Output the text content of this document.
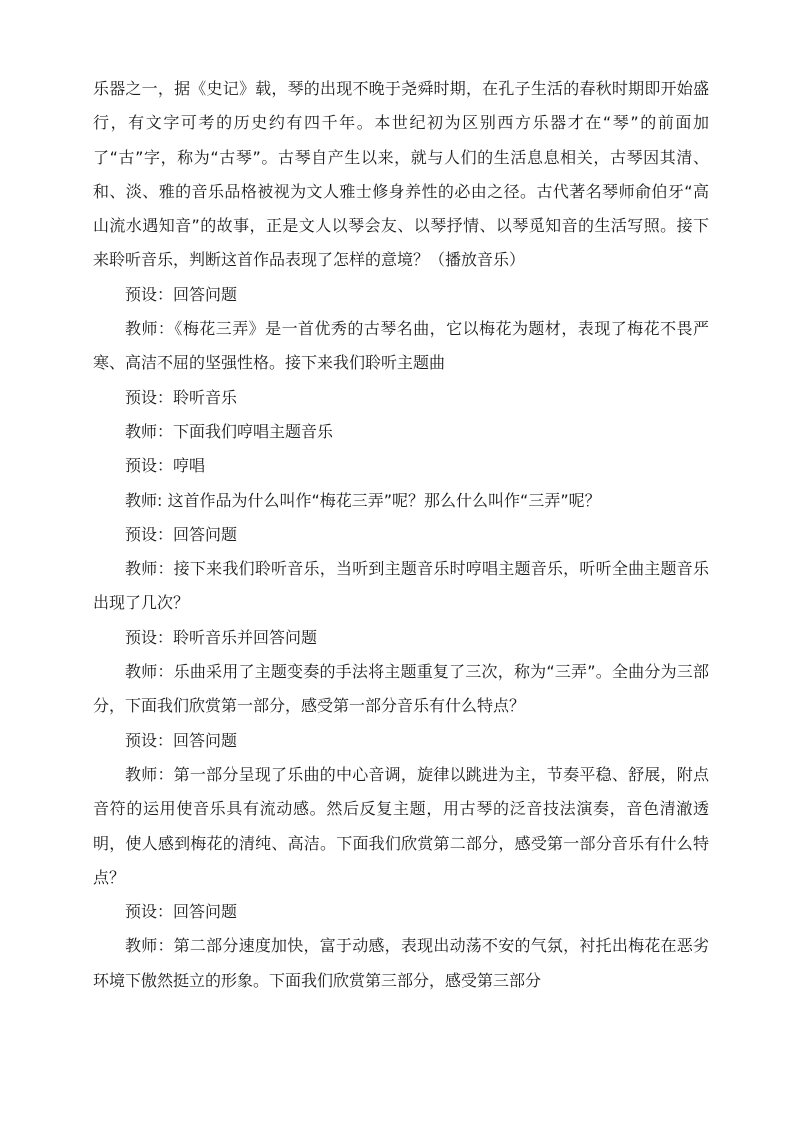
乐器之一，据《史记》载，琴的出现不晚于尧舜时期，在孔子生活的春秋时期即开始盛行，有文字可考的历史约有四千年。本世纪初为区别西方乐器才在“琴”的前面加了“古”字，称为“古琴”。古琴自产生以来，就与人们的生活息息相关，古琴因其清、和、淡、雅的音乐品格被视为文人雅士修身养性的必由之径。古代著名琴师俞伯牙“高山流水遇知音”的故事，正是文人以琴会友、以琴抒情、以琴觅知音的生活写照。接下来聆听音乐，判断这首作品表现了怎样的意境？（播放音乐）

预设：回答问题

教师：《梅花三弄》是一首优秀的古琴名曲，它以梅花为题材，表现了梅花不畏严寒、高洁不屈的坚强性格。接下来我们聆听主题曲

预设：聆听音乐

教师：下面我们哼唱主题音乐

预设：哼唱

教师: 这首作品为什么叫作“梅花三弄”呢？那么什么叫作“三弄”呢？

预设：回答问题

教师：接下来我们聆听音乐，当听到主题音乐时哼唱主题音乐，听听全曲主题音乐出现了几次？

预设：聆听音乐并回答问题

教师：乐曲采用了主题变奏的手法将主题重复了三次，称为“三弄”。全曲分为三部分，下面我们欣赏第一部分，感受第一部分音乐有什么特点？

预设：回答问题

教师：第一部分呈现了乐曲的中心音调，旋律以跳进为主，节奏平稳、舒展，附点音符的运用使音乐具有流动感。然后反复主题，用古琴的泛音技法演奏，音色清澈透明，使人感到梅花的清纯、高洁。下面我们欣赏第二部分，感受第一部分音乐有什么特点？

预设：回答问题

教师：第二部分速度加快，富于动感，表现出动荡不安的气氛，衬托出梅花在恶劣环境下傲然挺立的形象。下面我们欣赏第三部分，感受第三部分
